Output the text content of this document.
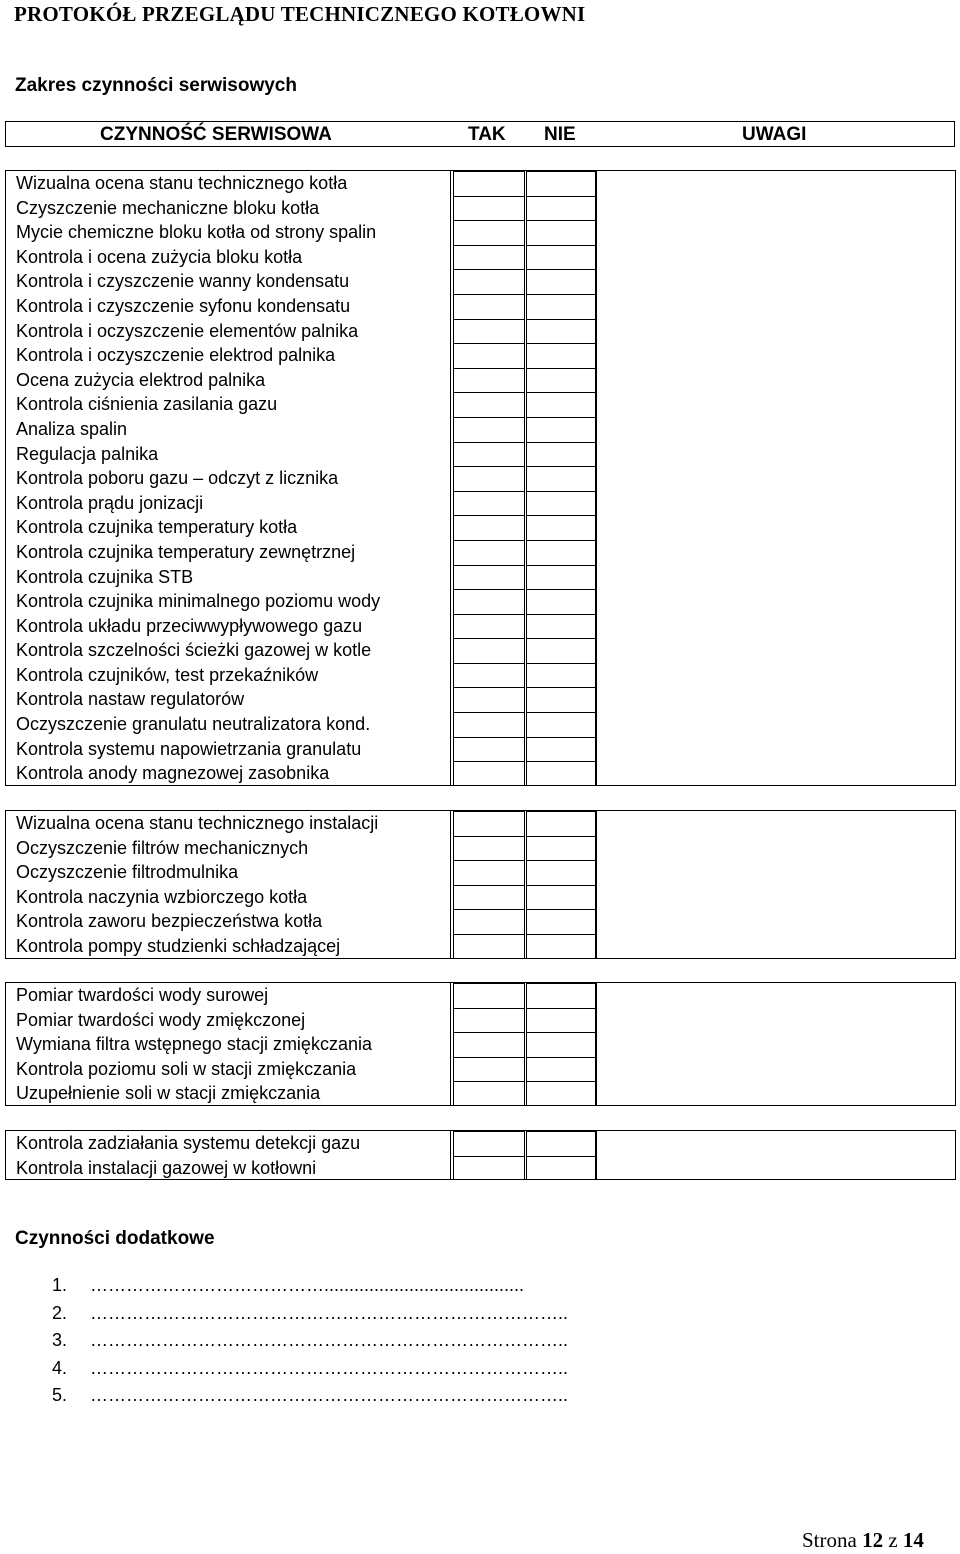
PROTOKÓŁ PRZEGLĄDU TECHNICZNEGO KOTŁOWNI
Zakres czynności serwisowych
CZYNNOŚĆ SERWISOWA	TAK NIE	UWAGI
Wizualna ocena stanu technicznego kotła
Czyszczenie mechaniczne bloku kotła
Mycie chemiczne bloku kotła od strony spalin
Kontrola i ocena zużycia bloku kotła
Kontrola i czyszczenie wanny kondensatu
Kontrola i czyszczenie syfonu kondensatu
Kontrola i oczyszczenie elementów palnika
Kontrola i oczyszczenie elektrod palnika
Ocena zużycia elektrod palnika
Kontrola ciśnienia zasilania gazu
Analiza spalin
Regulacja palnika
Kontrola poboru gazu – odczyt z licznika
Kontrola prądu jonizacji
Kontrola czujnika temperatury kotła
Kontrola czujnika temperatury zewnętrznej
Kontrola czujnika STB
Kontrola czujnika minimalnego poziomu wody
Kontrola układu przeciwwypływowego gazu
Kontrola szczelności ścieżki gazowej w kotle
Kontrola czujników, test przekaźników
Kontrola nastaw regulatorów
Oczyszczenie granulatu neutralizatora kond.
Kontrola systemu napowietrzania granulatu
Kontrola anody magnezowej zasobnika
Wizualna ocena stanu technicznego instalacji
Oczyszczenie filtrów mechanicznych
Oczyszczenie filtrodmulnika
Kontrola naczynia wzbiorczego kotła
Kontrola zaworu bezpieczeństwa kotła
Kontrola pompy studzienki schładzającej
Pomiar twardości wody surowej
Pomiar twardości wody zmiękczonej
Wymiana filtra wstępnego stacji zmiękczania
Kontrola poziomu soli w stacji zmiękczania
Uzupełnienie soli w stacji zmiękczania
Kontrola zadziałania systemu detekcji gazu
Kontrola instalacji gazowej w kotłowni
Czynności dodatkowe
1. …………………………………........................................
2. ……………………………………………………………………..
3. ……………………………………………………………………..
4. ……………………………………………………………………..
5. ……………………………………………………………………..
Strona 12 z 14
